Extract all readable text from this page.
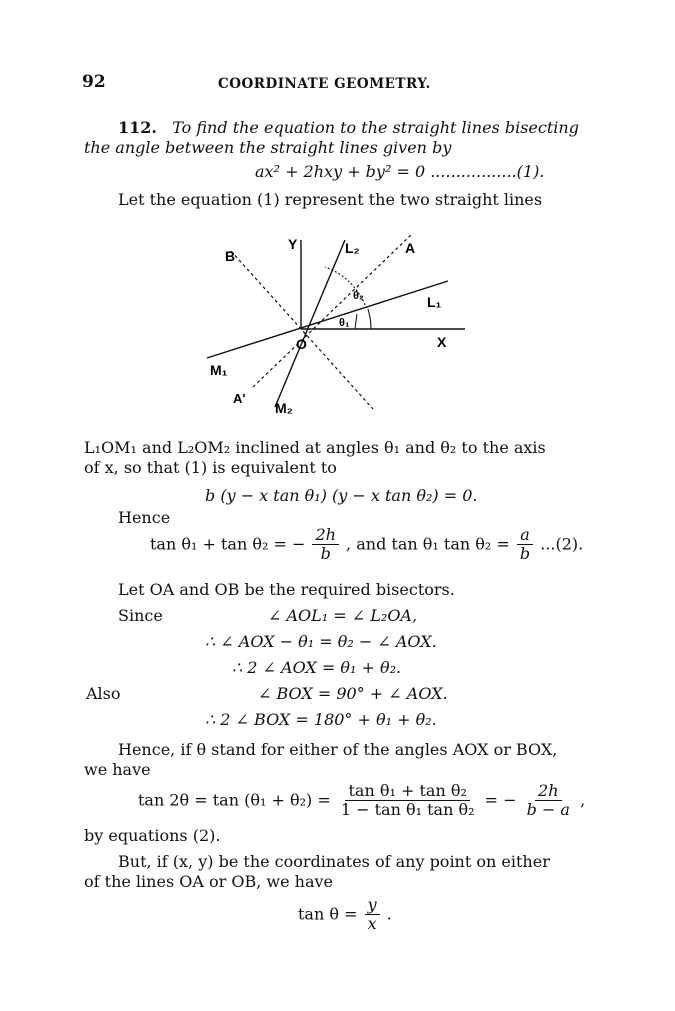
92	COORDINATE GEOMETRY.
112. To find the equation to the straight lines bisecting
the angle between the straight lines given by
ax² + 2hxy + by² = 0 .................(1).
Let the equation (1) represent the two straight lines
Y
X
O
A
B
L₁
L₂
M₁
M₂
A'
θ₁
θ₂
L₁OM₁ and L₂OM₂ inclined at angles θ₁ and θ₂ to the axis
of x, so that (1) is equivalent to
b (y − x tan θ₁) (y − x tan θ₂) = 0.
Hence
tan θ₁ + tan θ₂ = − $\frac{2h}{b}$ , and tan θ₁ $\tan \theta_2 = \frac{a}{b} ...(2)$.
Let OA and OB be the required bisectors.
Since	∠ AOL₁ = ∠ L₂OA,
∴ ∠ AOX − θ₁ = θ₂ − ∠ AOX.
∴ 2 ∠ AOX = θ₁ + θ₂.
Also	∠ BOX = 90° + ∠ AOX.
∴ 2 ∠ BOX = 180° + θ₁ + θ₂.
Hence, if θ stand for either of the angles AOX or BOX,
we have
$\tan 2\theta = \tan (\theta_1 + \theta_2) = \frac{\text{tan θ₁ + tan θ₂}}{\text{1 − tan θ₁ tan θ₂}}$ = − $\frac{2h}{b - a}$ ,
by equations (2).
But, if (x, y) be the coordinates of any point on either
of the lines OA or OB, we have
$\tan \theta = \frac{y}{x}$ .
